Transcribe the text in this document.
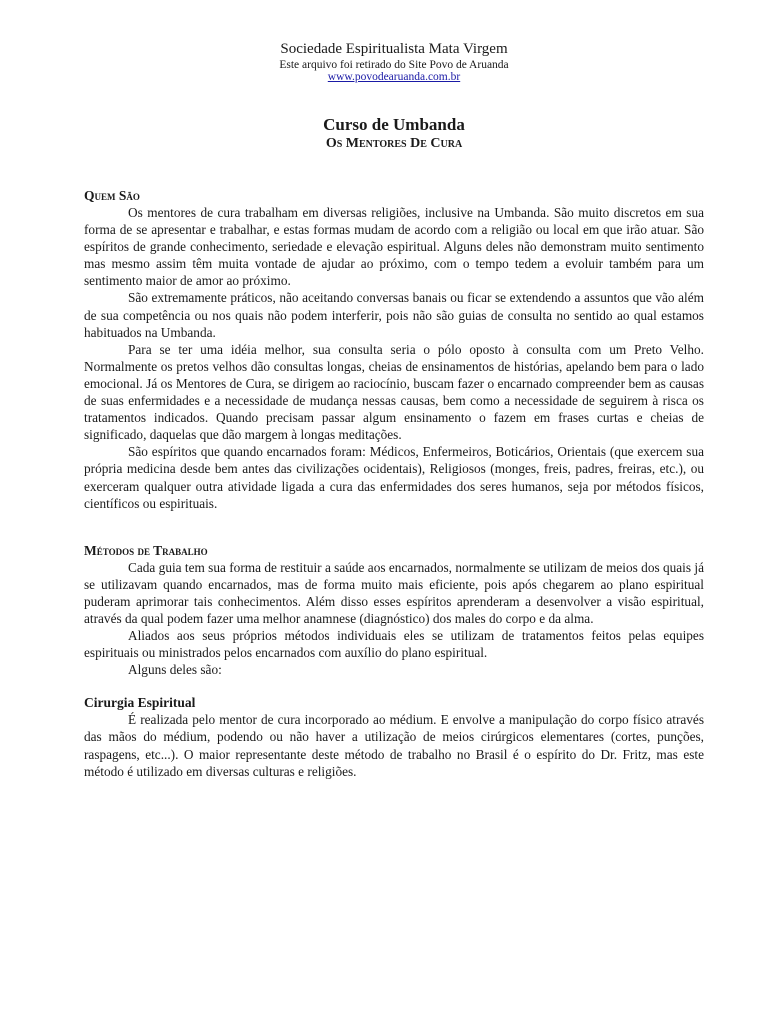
Sociedade Espiritualista Mata Virgem

Este arquivo foi retirado do Site Povo de Aruanda

www.povodearuanda.com.br

Curso de Umbanda

Os Mentores De Cura

Quem São

Os mentores de cura trabalham em diversas religiões, inclusive na Umbanda. São muito discretos em sua forma de se apresentar e trabalhar, e estas formas mudam de acordo com a religião ou local em que irão atuar. São espíritos de grande conhecimento, seriedade e elevação espiritual. Alguns deles não demonstram muito sentimento mas mesmo assim têm muita vontade de ajudar ao próximo, com o tempo tedem a evoluir também para um sentimento maior de amor ao próximo.

São extremamente práticos, não aceitando conversas banais ou ficar se extendendo a assuntos que vão além de sua competência ou nos quais não podem interferir, pois não são guias de consulta no sentido ao qual estamos habituados na Umbanda.

Para se ter uma idéia melhor, sua consulta seria o pólo oposto à consulta com um Preto Velho. Normalmente os pretos velhos dão consultas longas, cheias de ensinamentos de histórias, apelando bem para o lado emocional. Já os Mentores de Cura, se dirigem ao raciocínio, buscam fazer o encarnado compreender bem as causas de suas enfermidades e a necessidade de mudança nessas causas, bem como a necessidade de seguirem à risca os tratamentos indicados. Quando precisam passar algum ensinamento o fazem em frases curtas e cheias de significado, daquelas que dão margem à longas meditações.

São espíritos que quando encarnados foram: Médicos, Enfermeiros, Boticários, Orientais (que exercem sua própria medicina desde bem antes das civilizações ocidentais), Religiosos (monges, freis, padres, freiras, etc.), ou exerceram qualquer outra atividade ligada a cura das enfermidades dos seres humanos, seja por métodos físicos, científicos ou espirituais.

Métodos de Trabalho

Cada guia tem sua forma de restituir a saúde aos encarnados, normalmente se utilizam de meios dos quais já se utilizavam quando encarnados, mas de forma muito mais eficiente, pois após chegarem ao plano espiritual puderam aprimorar tais conhecimentos. Além disso esses espíritos aprenderam a desenvolver a visão espiritual, através da qual podem fazer uma melhor anamnese (diagnóstico) dos males do corpo e da alma.

Aliados aos seus próprios métodos individuais eles se utilizam de tratamentos feitos pelas equipes espirituais ou ministrados pelos encarnados com auxílio do plano espiritual.

Alguns deles são:

Cirurgia Espiritual

É realizada pelo mentor de cura incorporado ao médium. E envolve a manipulação do corpo físico através das mãos do médium, podendo ou não haver a utilização de meios cirúrgicos elementares (cortes, punções, raspagens, etc...). O maior representante deste método de trabalho no Brasil é o espírito do Dr. Fritz, mas este método é utilizado em diversas culturas e religiões.
